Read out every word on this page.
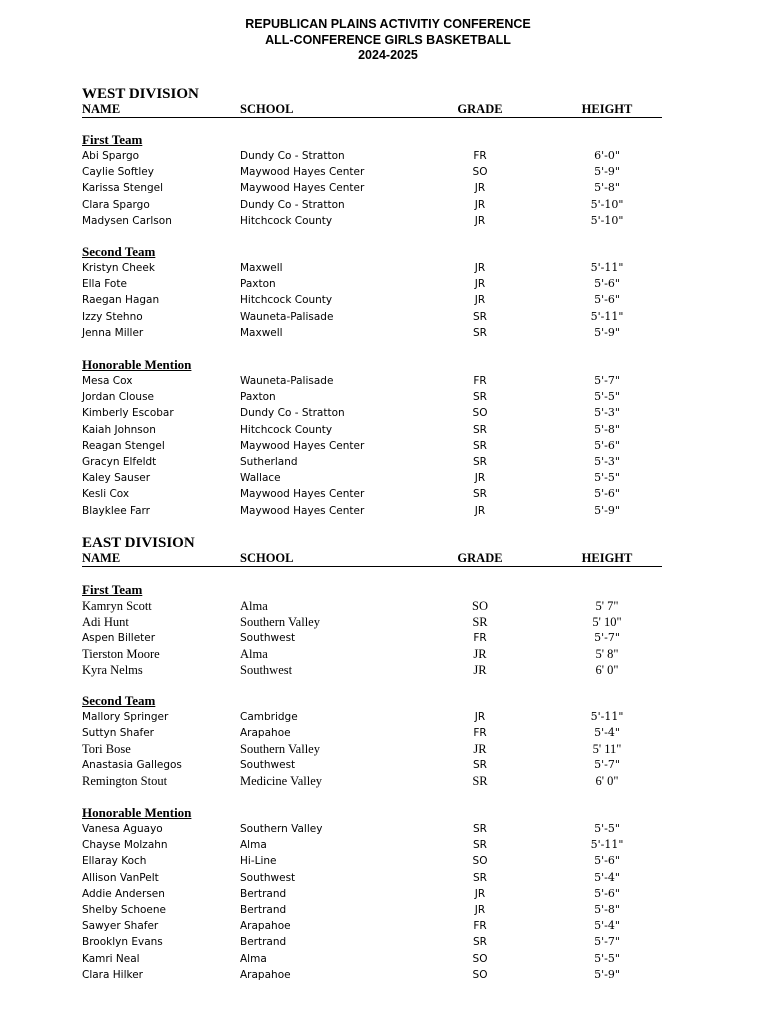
REPUBLICAN PLAINS ACTIVITIY CONFERENCE
ALL-CONFERENCE GIRLS BASKETBALL
2024-2025
WEST DIVISION
NAME	SCHOOL	GRADE	HEIGHT
First Team
Abi Spargo	Dundy Co - Stratton	FR	6'-0"
Caylie Softley	Maywood Hayes Center	SO	5'-9"
Karissa Stengel	Maywood Hayes Center	JR	5'-8"
Clara Spargo	Dundy Co - Stratton	JR	5'-10"
Madysen Carlson	Hitchcock County	JR	5'-10"
Second Team
Kristyn Cheek	Maxwell	JR	5'-11"
Ella Fote	Paxton	JR	5'-6"
Raegan Hagan	Hitchcock County	JR	5'-6"
Izzy Stehno	Wauneta-Palisade	SR	5'-11"
Jenna Miller	Maxwell	SR	5'-9"
Honorable Mention
Mesa Cox	Wauneta-Palisade	FR	5'-7"
Jordan Clouse	Paxton	SR	5'-5"
Kimberly Escobar	Dundy Co - Stratton	SO	5'-3"
Kaiah Johnson	Hitchcock County	SR	5'-8"
Reagan Stengel	Maywood Hayes Center	SR	5'-6"
Gracyn Elfeldt	Sutherland	SR	5'-3"
Kaley Sauser	Wallace	JR	5'-5"
Kesli Cox	Maywood Hayes Center	SR	5'-6"
Blayklee Farr	Maywood Hayes Center	JR	5'-9"
EAST DIVISION
NAME	SCHOOL	GRADE	HEIGHT
First Team
Kamryn Scott	Alma	SO	5' 7"
Adi Hunt	Southern Valley	SR	5' 10"
Aspen Billeter	Southwest	FR	5'-7"
Tierston Moore	Alma	JR	5' 8"
Kyra Nelms	Southwest	JR	6' 0"
Second Team
Mallory Springer	Cambridge	JR	5'-11"
Suttyn Shafer	Arapahoe	FR	5'-4"
Tori Bose	Southern Valley	JR	5' 11"
Anastasia Gallegos	Southwest	SR	5'-7"
Remington Stout	Medicine Valley	SR	6' 0"
Honorable Mention
Vanesa Aguayo	Southern Valley	SR	5'-5"
Chayse Molzahn	Alma	SR	5'-11"
Ellaray Koch	Hi-Line	SO	5'-6"
Allison VanPelt	Southwest	SR	5'-4"
Addie Andersen	Bertrand	JR	5'-6"
Shelby Schoene	Bertrand	JR	5'-8"
Sawyer Shafer	Arapahoe	FR	5'-4"
Brooklyn Evans	Bertrand	SR	5'-7"
Kamri Neal	Alma	SO	5'-5"
Clara Hilker	Arapahoe	SO	5'-9"
